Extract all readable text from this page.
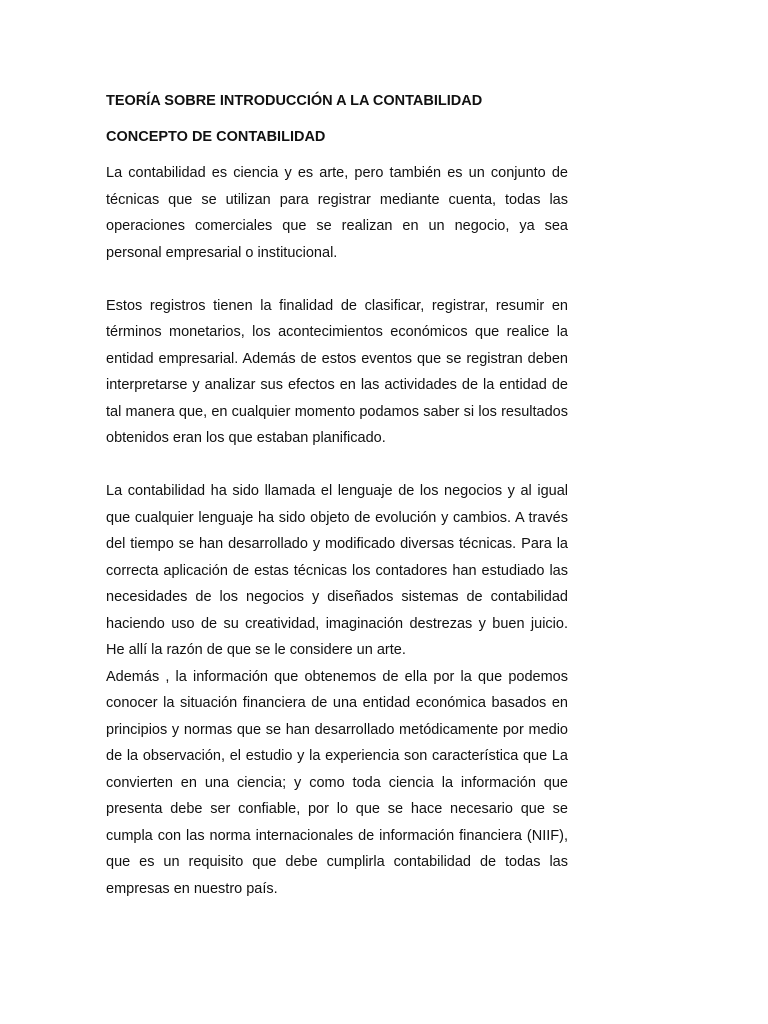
TEORÍA SOBRE INTRODUCCIÓN A LA CONTABILIDAD

CONCEPTO DE CONTABILIDAD

La contabilidad es ciencia y es arte, pero también es un conjunto de técnicas que se utilizan para registrar mediante cuenta, todas las operaciones comerciales que se realizan en un negocio, ya sea personal empresarial o institucional.

Estos registros tienen la finalidad de clasificar, registrar, resumir en términos monetarios, los acontecimientos económicos que realice la entidad empresarial. Además de estos eventos que se registran deben interpretarse y analizar sus efectos en las actividades de la entidad de tal manera que, en cualquier momento podamos saber si los resultados obtenidos eran los que estaban planificado.

La contabilidad ha sido llamada el lenguaje de los negocios y al igual que cualquier lenguaje ha sido objeto de evolución y cambios. A través del tiempo se han desarrollado y modificado diversas técnicas. Para la correcta aplicación de estas técnicas los contadores han estudiado las necesidades de los negocios y diseñados sistemas de contabilidad haciendo uso de su creatividad, imaginación destrezas y buen juicio. He allí la razón de que se le considere un arte.

Además , la información que obtenemos de ella por la que podemos conocer la situación financiera de una entidad económica basados en principios y normas que se han desarrollado metódicamente por medio de la observación, el estudio y la experiencia son característica que La convierten en una ciencia; y como toda ciencia la información que presenta debe ser confiable, por lo que se hace necesario que se cumpla con las norma internacionales de información financiera (NIIF), que es un requisito que debe cumplirla contabilidad de todas las empresas en nuestro país.
